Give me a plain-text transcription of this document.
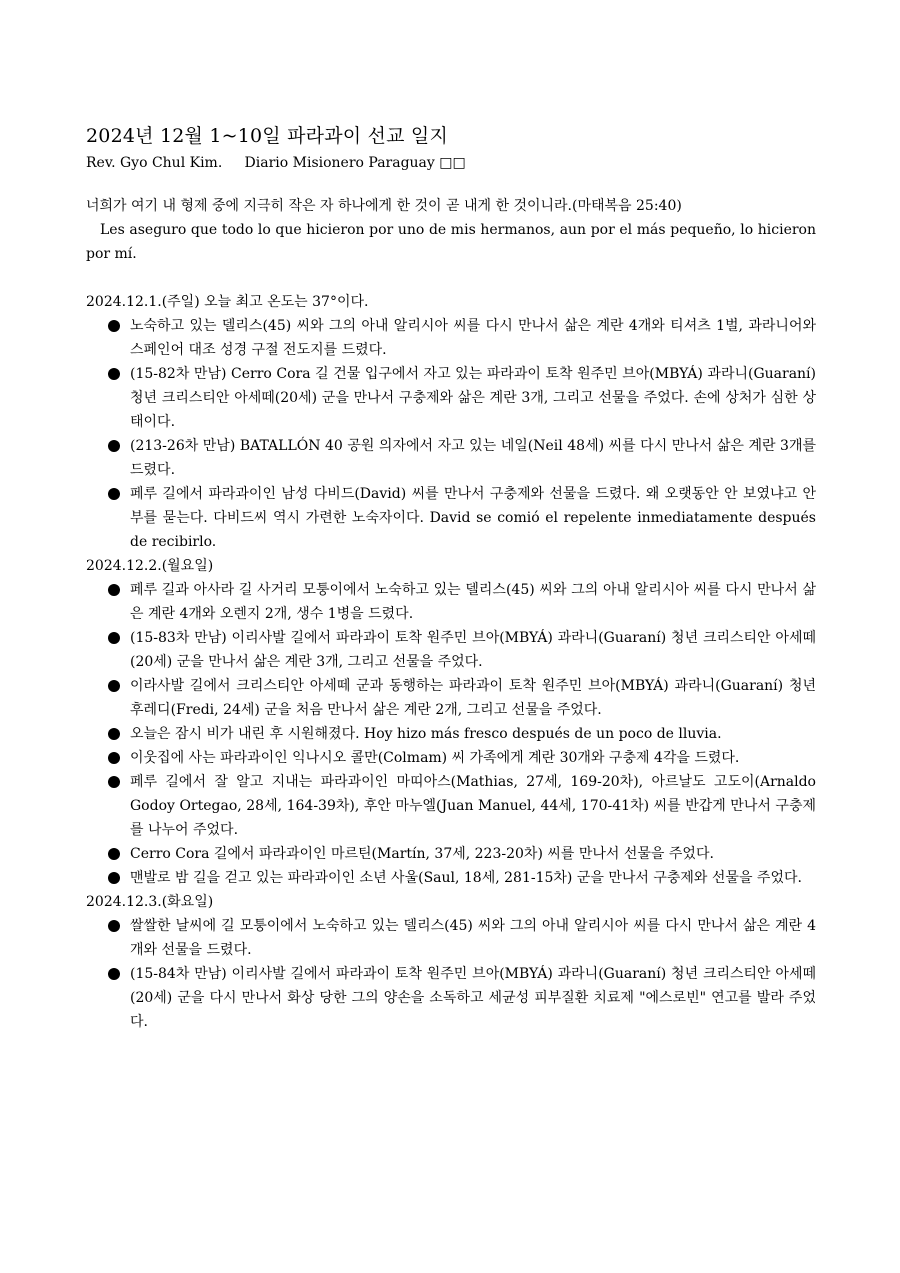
2024년 12월 1~10일 파라과이 선교 일지
Rev. Gyo Chul Kim.     Diario Misionero Paraguay □□
너희가 여기 내 형제 중에 지극히 작은 자 하나에게 한 것이 곧 내게 한 것이니라.(마태복음 25:40)
Les aseguro que todo lo que hicieron por uno de mis hermanos, aun por el más pequeño, lo hicieron por mí.
2024.12.1.(주일) 오늘 최고 온도는 37°이다.
노숙하고 있는 델리스(45) 씨와 그의 아내 알리시아 씨를 다시 만나서 삶은 계란 4개와 티셔츠 1벌, 과라니어와 스페인어 대조 성경 구절 전도지를 드렸다.
(15-82차 만남) Cerro Cora 길 건물 입구에서 자고 있는 파라과이 토착 원주민 브아(MBYÁ) 과라니(Guaraní) 청년 크리스티안 아세떼(20세) 군을 만나서 구충제와 삶은 계란 3개, 그리고 선물을 주었다. 손에 상처가 심한 상태이다.
(213-26차 만남) BATALLÓN 40 공원 의자에서 자고 있는 네일(Neil 48세) 씨를 다시 만나서 삶은 계란 3개를 드렸다.
페루 길에서 파라과이인 남성 다비드(David) 씨를 만나서 구충제와 선물을 드렸다. 왜 오랫동안 안 보였냐고 안부를 묻는다. 다비드씨 역시 가련한 노숙자이다. David se comió el repelente inmediatamente después de recibirlo.
2024.12.2.(월요일)
페루 길과 아사라 길 사거리 모퉁이에서 노숙하고 있는 델리스(45) 씨와 그의 아내 알리시아 씨를 다시 만나서 삶은 계란 4개와 오렌지 2개, 생수 1병을 드렸다.
(15-83차 만남) 이리사발 길에서 파라과이 토착 원주민 브아(MBYÁ) 과라니(Guaraní) 청년 크리스티안 아세떼(20세) 군을 만나서 삶은 계란 3개, 그리고 선물을 주었다.
이라사발 길에서 크리스티안 아세떼 군과 동행하는 파라과이 토착 원주민 브아(MBYÁ) 과라니(Guaraní) 청년 후레디(Fredi, 24세) 군을 처음 만나서 삶은 계란 2개, 그리고 선물을 주었다.
오늘은 잠시 비가 내린 후 시원해졌다. Hoy hizo más fresco después de un poco de lluvia.
이웃집에 사는 파라과이인 익나시오 콜만(Colmam) 씨 가족에게 계란 30개와 구충제 4각을 드렸다.
페루 길에서 잘 알고 지내는 파라과이인 마띠아스(Mathias, 27세, 169-20차), 아르날도 고도이(Arnaldo Godoy Ortegao, 28세, 164-39차), 후안 마누엘(Juan Manuel, 44세, 170-41차) 씨를 반갑게 만나서 구충제를 나누어 주었다.
Cerro Cora 길에서 파라과이인 마르틴(Martín, 37세, 223-20차) 씨를 만나서 선물을 주었다.
맨발로 밤 길을 걷고 있는 파라과이인 소년 사울(Saul, 18세, 281-15차) 군을 만나서 구충제와 선물을 주었다.
2024.12.3.(화요일)
쌀쌀한 날씨에 길 모퉁이에서 노숙하고 있는 델리스(45) 씨와 그의 아내 알리시아 씨를 다시 만나서 삶은 계란 4개와 선물을 드렸다.
(15-84차 만남) 이리사발 길에서 파라과이 토착 원주민 브아(MBYÁ) 과라니(Guaraní) 청년 크리스티안 아세떼(20세) 군을 다시 만나서 화상 당한 그의 양손을 소독하고 세균성 피부질환 치료제 "에스로빈" 연고를 발라 주었다.
